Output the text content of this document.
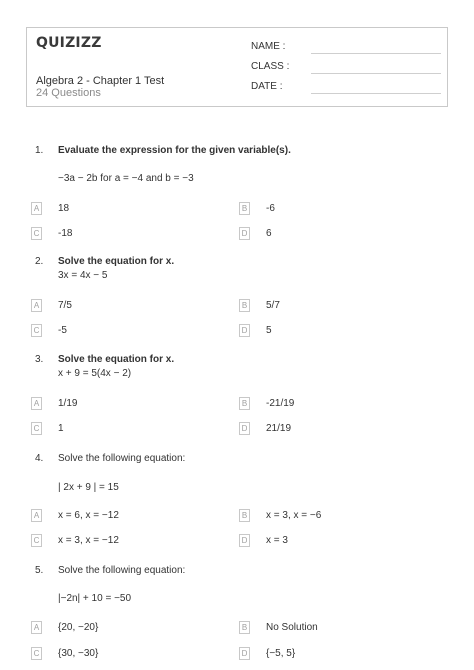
QUIZIZZ
Algebra 2 - Chapter 1 Test
24 Questions
NAME :
CLASS :
DATE :
1. Evaluate the expression for the given variable(s).
−3a − 2b for a = −4 and b = −3
A 18	B -6
C -18	D 6
2. Solve the equation for x.
3x = 4x − 5
A 7/5	B 5/7
C -5	D 5
3. Solve the equation for x.
x + 9 = 5(4x − 2)
A 1/19	B -21/19
C 1	D 21/19
4. Solve the following equation:
| 2x + 9 | = 15
A x = 6, x = −12	B x = 3, x = −6
C x = 3, x = −12	D x = 3
5. Solve the following equation:
|−2n| + 10 = −50
A {20, −20}	B No Solution
C {30, −30}	D {−5, 5}
